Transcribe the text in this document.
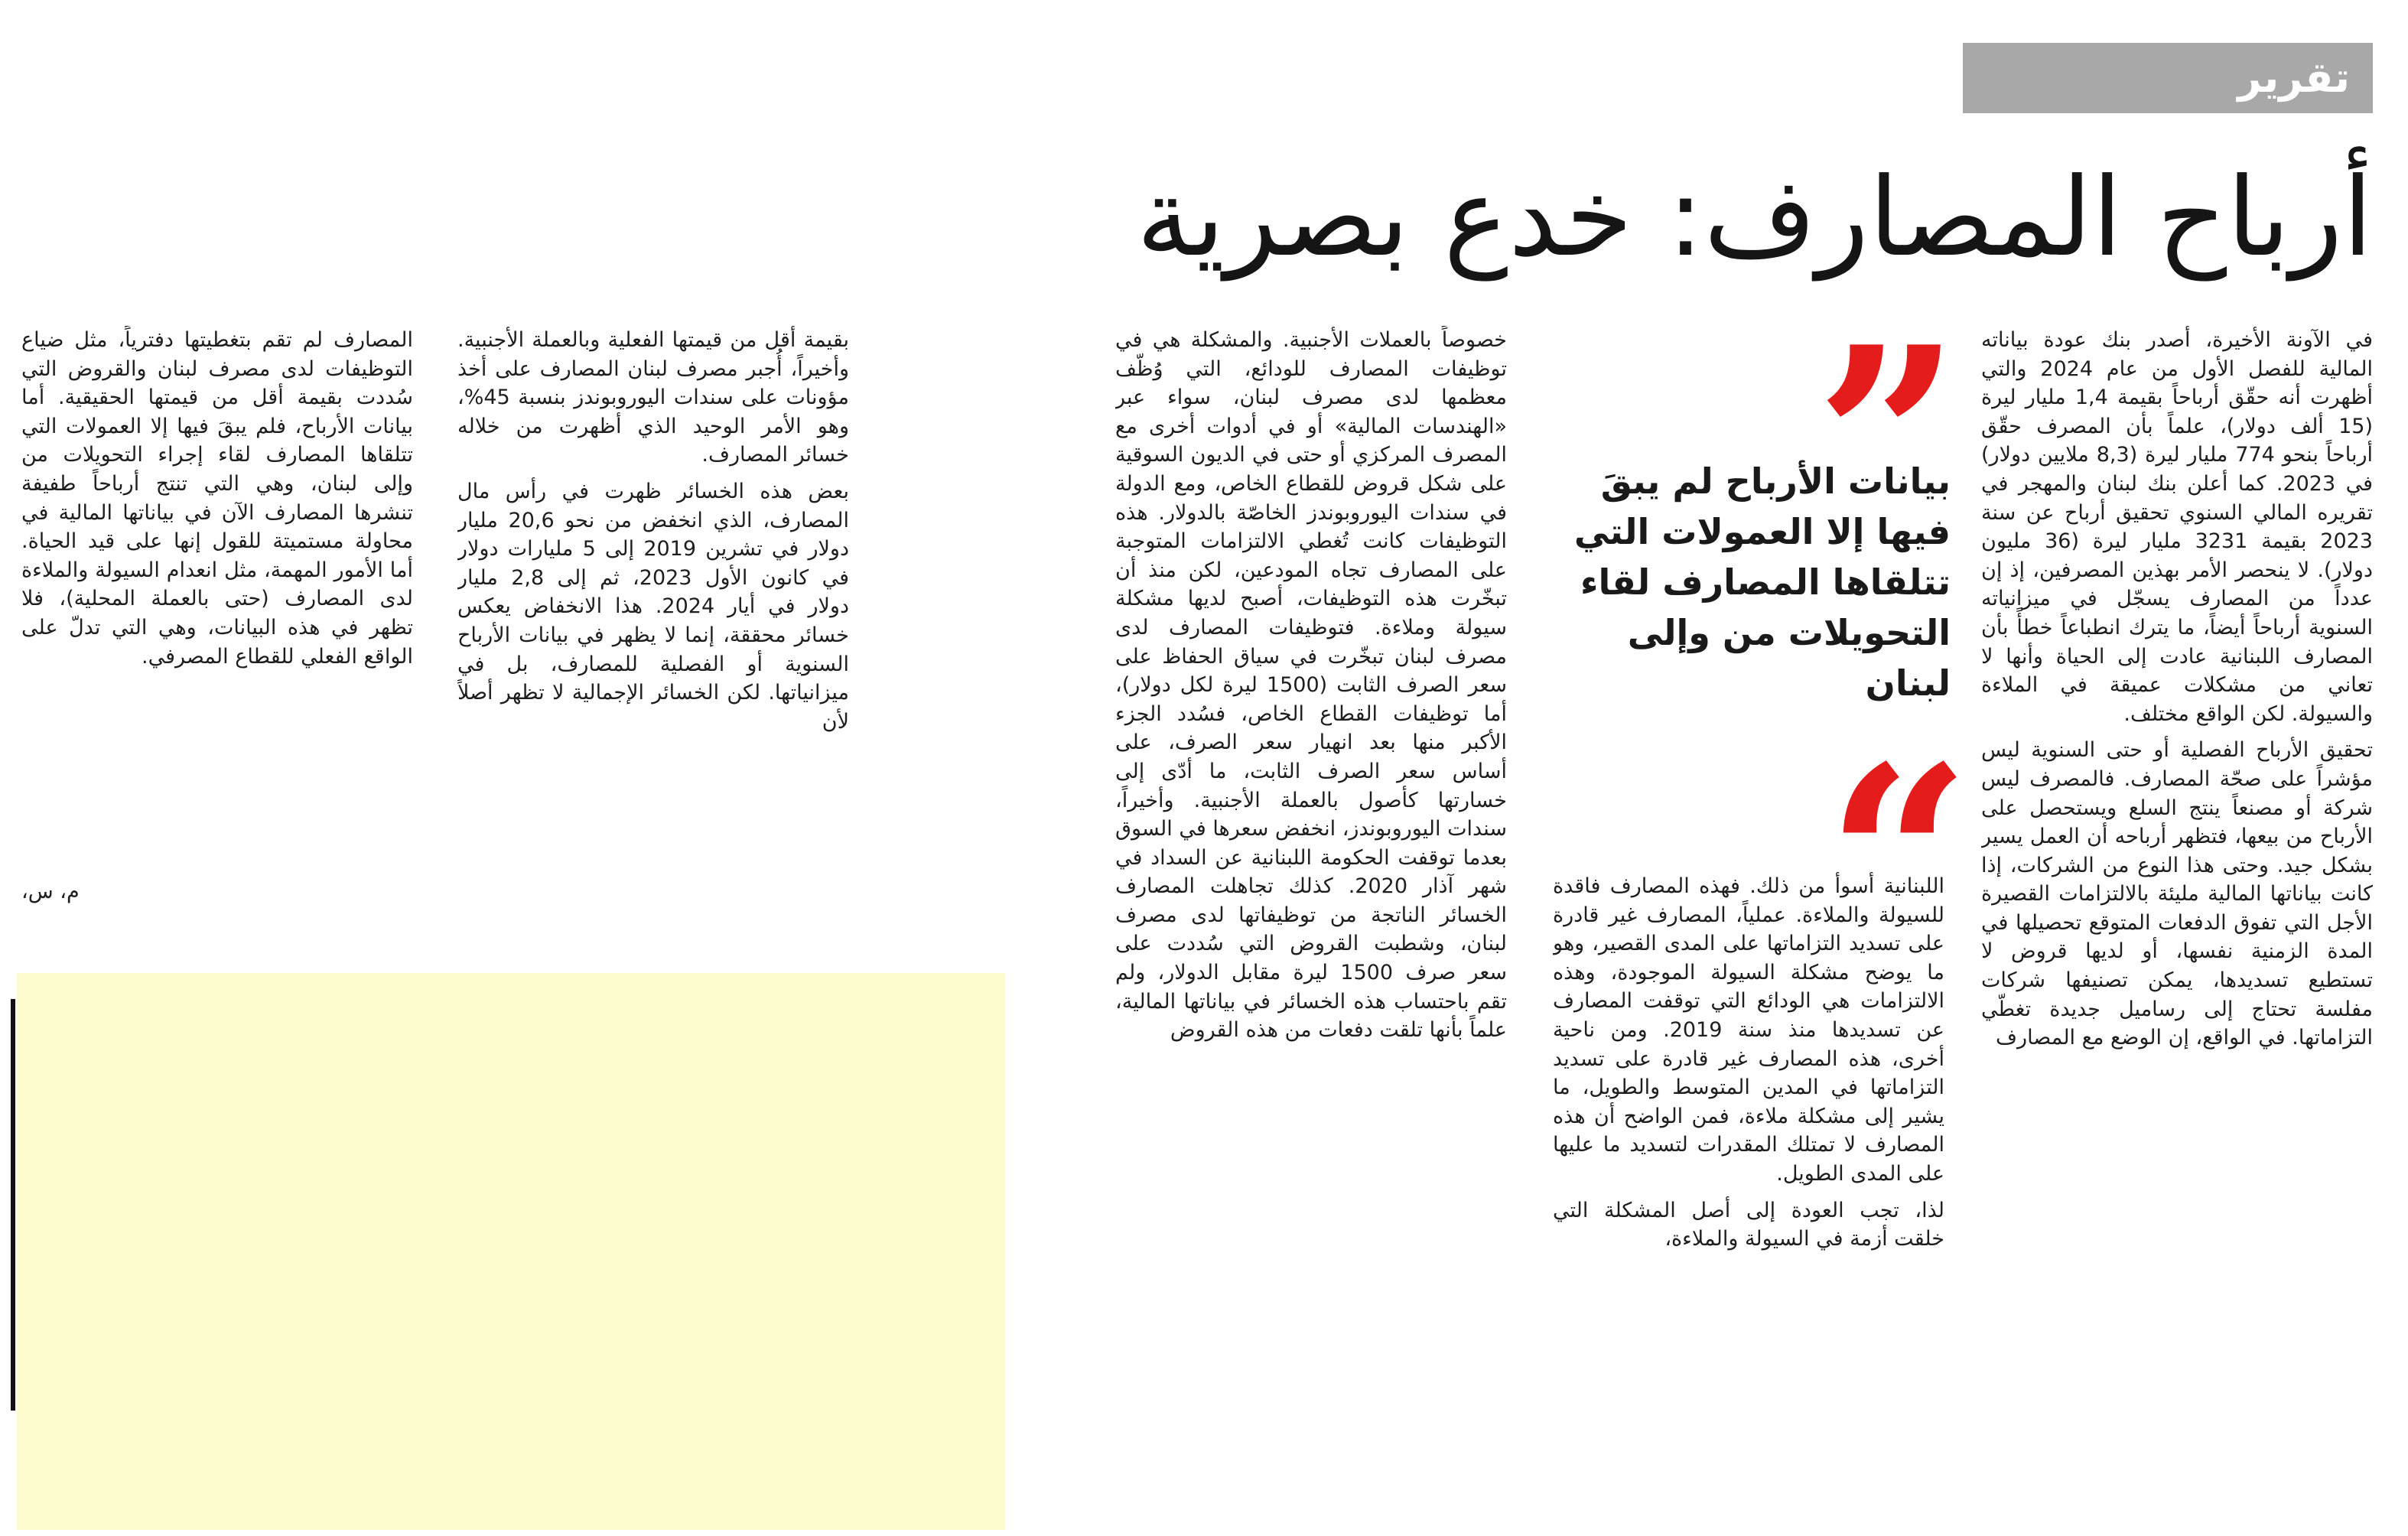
تقرير
أرباح المصارف: خدع بصرية
بيانات الأرباح لم يبقَ فيها إلا العمولات التي تتلقاها المصارف لقاء التحويلات من وإلى لبنان

في الآونة الأخيرة، أصدر بنك عودة بياناته المالية للفصل الأول من عام 2024 والتي أظهرت أنه حقّق أرباحاً بقيمة 1,4 مليار ليرة (15 ألف دولار)، علماً بأن المصرف حقّق أرباحاً بنحو 774 مليار ليرة (8,3 ملايين دولار) في 2023. كما أعلن بنك لبنان والمهجر في تقريره المالي السنوي تحقيق أرباح عن سنة 2023 بقيمة 3231 مليار ليرة (36 مليون دولار). لا ينحصر الأمر بهذين المصرفين، إذ إن عدداً من المصارف يسجّل في ميزانياته السنوية أرباحاً أيضاً، ما يترك انطباعاً خطأً بأن المصارف اللبنانية عادت إلى الحياة وأنها لا تعاني من مشكلات عميقة في الملاءة والسيولة. لكن الواقع مختلف.

تحقيق الأرباح الفصلية أو حتى السنوية ليس مؤشراً على صحّة المصارف. فالمصرف ليس شركة أو مصنعاً ينتج السلع ويستحصل على الأرباح من بيعها، فتظهر أرباحه أن العمل يسير بشكل جيد. وحتى هذا النوع من الشركات، إذا كانت بياناتها المالية مليئة بالالتزامات القصيرة الأجل التي تفوق الدفعات المتوقع تحصيلها في المدة الزمنية نفسها، أو لديها قروض لا تستطيع تسديدها، يمكن تصنيفها شركات مفلسة تحتاج إلى رساميل جديدة تغطّي التزاماتها. في الواقع، إن الوضع مع المصارف

اللبنانية أسوأ من ذلك. فهذه المصارف فاقدة للسيولة والملاءة. عملياً، المصارف غير قادرة على تسديد التزاماتها على المدى القصير، وهو ما يوضح مشكلة السيولة الموجودة، وهذه الالتزامات هي الودائع التي توقفت المصارف عن تسديدها منذ سنة 2019. ومن ناحية أخرى، هذه المصارف غير قادرة على تسديد التزاماتها في المدين المتوسط والطويل، ما يشير إلى مشكلة ملاءة، فمن الواضح أن هذه المصارف لا تمتلك المقدرات لتسديد ما عليها على المدى الطويل.

لذا، تجب العودة إلى أصل المشكلة التي خلقت أزمة في السيولة والملاءة،

خصوصاً بالعملات الأجنبية. والمشكلة هي في توظيفات المصارف للودائع، التي وُظّف معظمها لدى مصرف لبنان، سواء عبر «الهندسات المالية» أو في أدوات أخرى مع المصرف المركزي أو حتى في الديون السوقية على شكل قروض للقطاع الخاص، ومع الدولة في سندات اليوروبوندز الخاصّة بالدولار. هذه التوظيفات كانت تُغطي الالتزامات المتوجبة على المصارف تجاه المودعين، لكن منذ أن تبخّرت هذه التوظيفات، أصبح لديها مشكلة سيولة وملاءة. فتوظيفات المصارف لدى مصرف لبنان تبخّرت في سياق الحفاظ على سعر الصرف الثابت (1500 ليرة لكل دولار)، أما توظيفات القطاع الخاص، فسُدد الجزء الأكبر منها بعد انهيار سعر الصرف، على أساس سعر الصرف الثابت، ما أدّى إلى خسارتها كأصول بالعملة الأجنبية. وأخيراً، سندات اليوروبوندز، انخفض سعرها في السوق بعدما توقفت الحكومة اللبنانية عن السداد في شهر آذار 2020. كذلك تجاهلت المصارف الخسائر الناتجة من توظيفاتها لدى مصرف لبنان، وشطبت القروض التي سُددت على سعر صرف 1500 ليرة مقابل الدولار، ولم تقم باحتساب هذه الخسائر في بياناتها المالية، علماً بأنها تلقت دفعات من هذه القروض

بقيمة أقل من قيمتها الفعلية وبالعملة الأجنبية. وأخيراً، أُجبر مصرف لبنان المصارف على أخذ مؤونات على سندات اليوروبوندز بنسبة 45%، وهو الأمر الوحيد الذي أظهرت من خلاله خسائر المصارف.

بعض هذه الخسائر ظهرت في رأس مال المصارف، الذي انخفض من نحو 20,6 مليار دولار في تشرين 2019 إلى 5 مليارات دولار في كانون الأول 2023، ثم إلى 2,8 مليار دولار في أيار 2024. هذا الانخفاض يعكس خسائر محققة، إنما لا يظهر في بيانات الأرباح السنوية أو الفصلية للمصارف، بل في ميزانياتها. لكن الخسائر الإجمالية لا تظهر أصلاً لأن

المصارف لم تقم بتغطيتها دفترياً، مثل ضياع التوظيفات لدى مصرف لبنان والقروض التي سُددت بقيمة أقل من قيمتها الحقيقية. أما بيانات الأرباح، فلم يبقَ فيها إلا العمولات التي تتلقاها المصارف لقاء إجراء التحويلات من وإلى لبنان، وهي التي تنتج أرباحاً طفيفة تنشرها المصارف الآن في بياناتها المالية في محاولة مستميتة للقول إنها على قيد الحياة. أما الأمور المهمة، مثل انعدام السيولة والملاءة لدى المصارف (حتى بالعملة المحلية)، فلا تظهر في هذه البيانات، وهي التي تدلّ على الواقع الفعلي للقطاع المصرفي.

م، س،
